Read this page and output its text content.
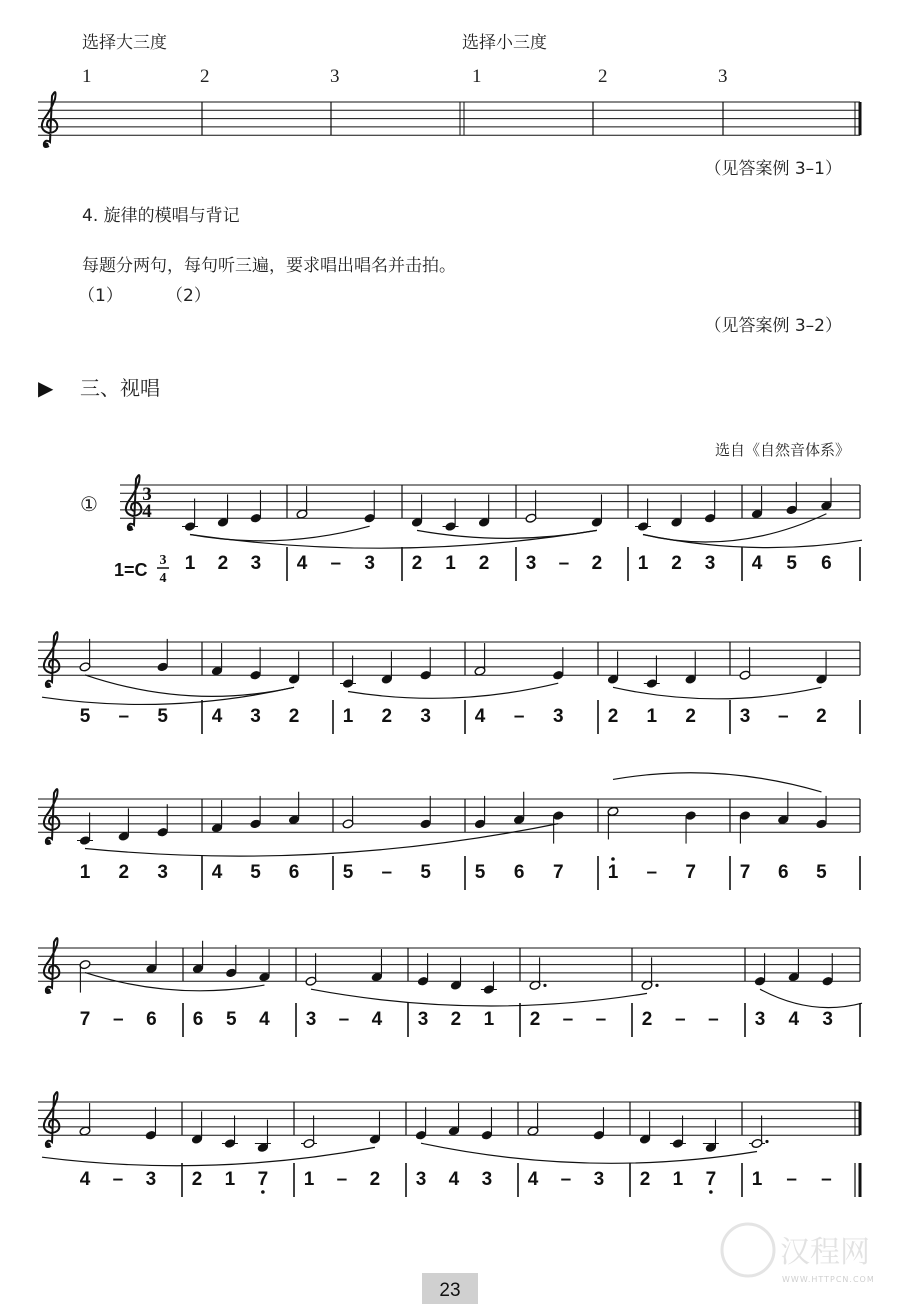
选择大三度	选择小三度
1	2	3	1	2	3
（见答案例 3–1）
4. 旋律的模唱与背记
每题分两句，每句听三遍，要求唱出唱名并击拍。
（1）	（2）
（见答案例 3–2）
▶ 三、视唱
选自《自然音体系》
①
1=C 3
4
3
4
1 2 3 4 – 3 2 1 2 3 – 2 1 2 3 4 5 6
5 – 5 4 3 2 1 2 3 4 – 3 2 1 2 3 – 2
1 2 3 4 5 6 5 – 5 5 6 7 1 – 7 7 6 5
7 – 6 6 5 4 3 – 4 3 2 1 2 – – 2 – – 3 4 3
4 – 3 2 1 7 1 – 2 3 4 3 4 – 3 2 1 7 1 – –
汉程网
WWW.HTTPCN.COM
23
